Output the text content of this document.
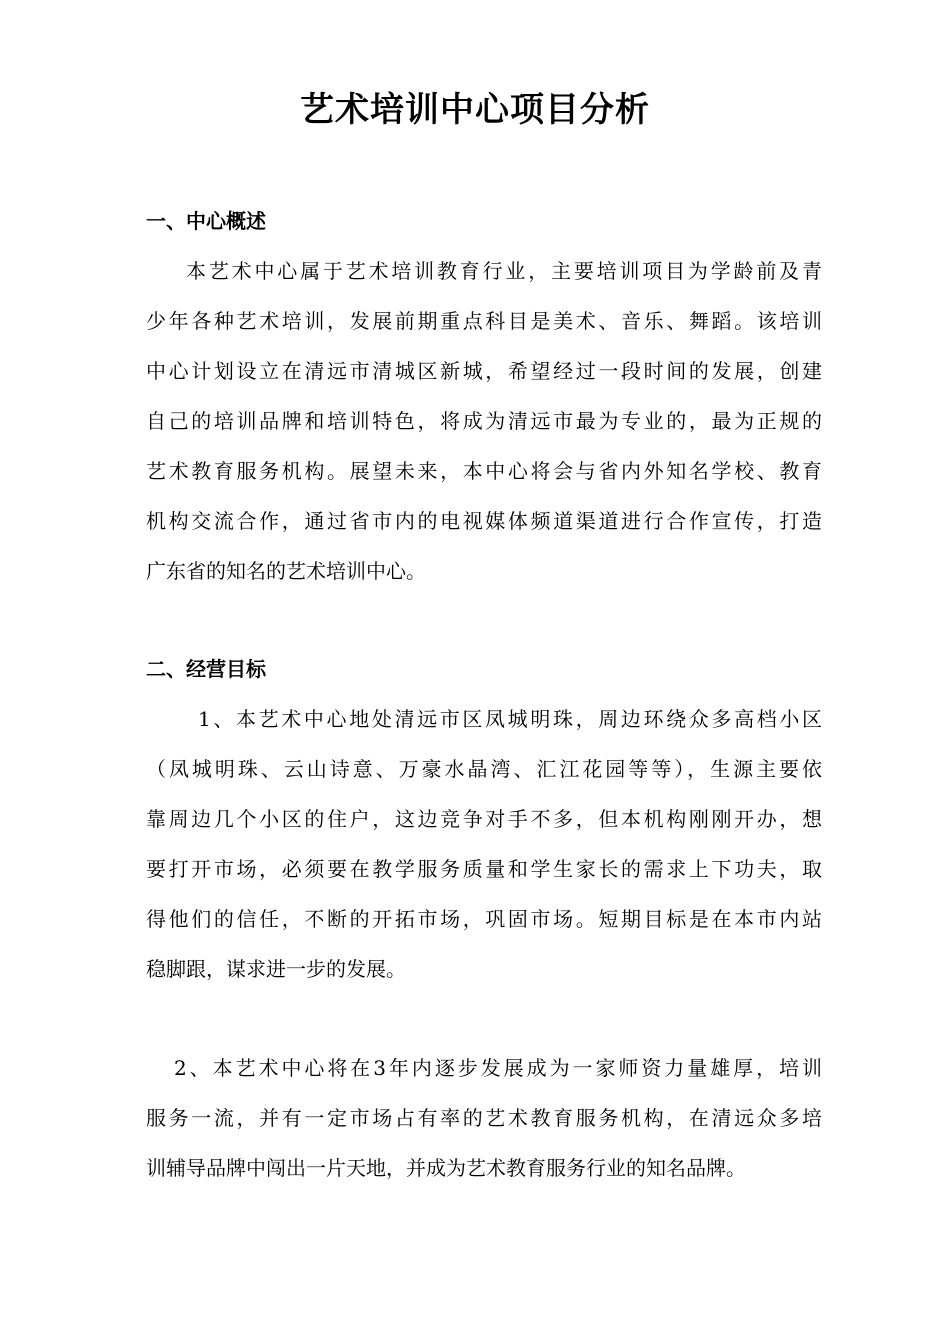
艺术培训中心项目分析
一、中心概述

本艺术中心属于艺术培训教育行业，主要培训项目为学龄前及青
少年各种艺术培训，发展前期重点科目是美术、音乐、舞蹈。该培训
中心计划设立在清远市清城区新城，希望经过一段时间的发展，创建
自己的培训品牌和培训特色，将成为清远市最为专业的，最为正规的
艺术教育服务机构。展望未来，本中心将会与省内外知名学校、教育
机构交流合作，通过省市内的电视媒体频道渠道进行合作宣传，打造
广东省的知名的艺术培训中心。

二、经营目标

1、本艺术中心地处清远市区凤城明珠，周边环绕众多高档小区
（凤城明珠、云山诗意、万豪水晶湾、汇江花园等等），生源主要依
靠周边几个小区的住户，这边竞争对手不多，但本机构刚刚开办，想
要打开市场，必须要在教学服务质量和学生家长的需求上下功夫，取
得他们的信任，不断的开拓市场，巩固市场。短期目标是在本市内站
稳脚跟，谋求进一步的发展。

2、本艺术中心将在3年内逐步发展成为一家师资力量雄厚，培训
服务一流，并有一定市场占有率的艺术教育服务机构，在清远众多培
训辅导品牌中闯出一片天地，并成为艺术教育服务行业的知名品牌。
